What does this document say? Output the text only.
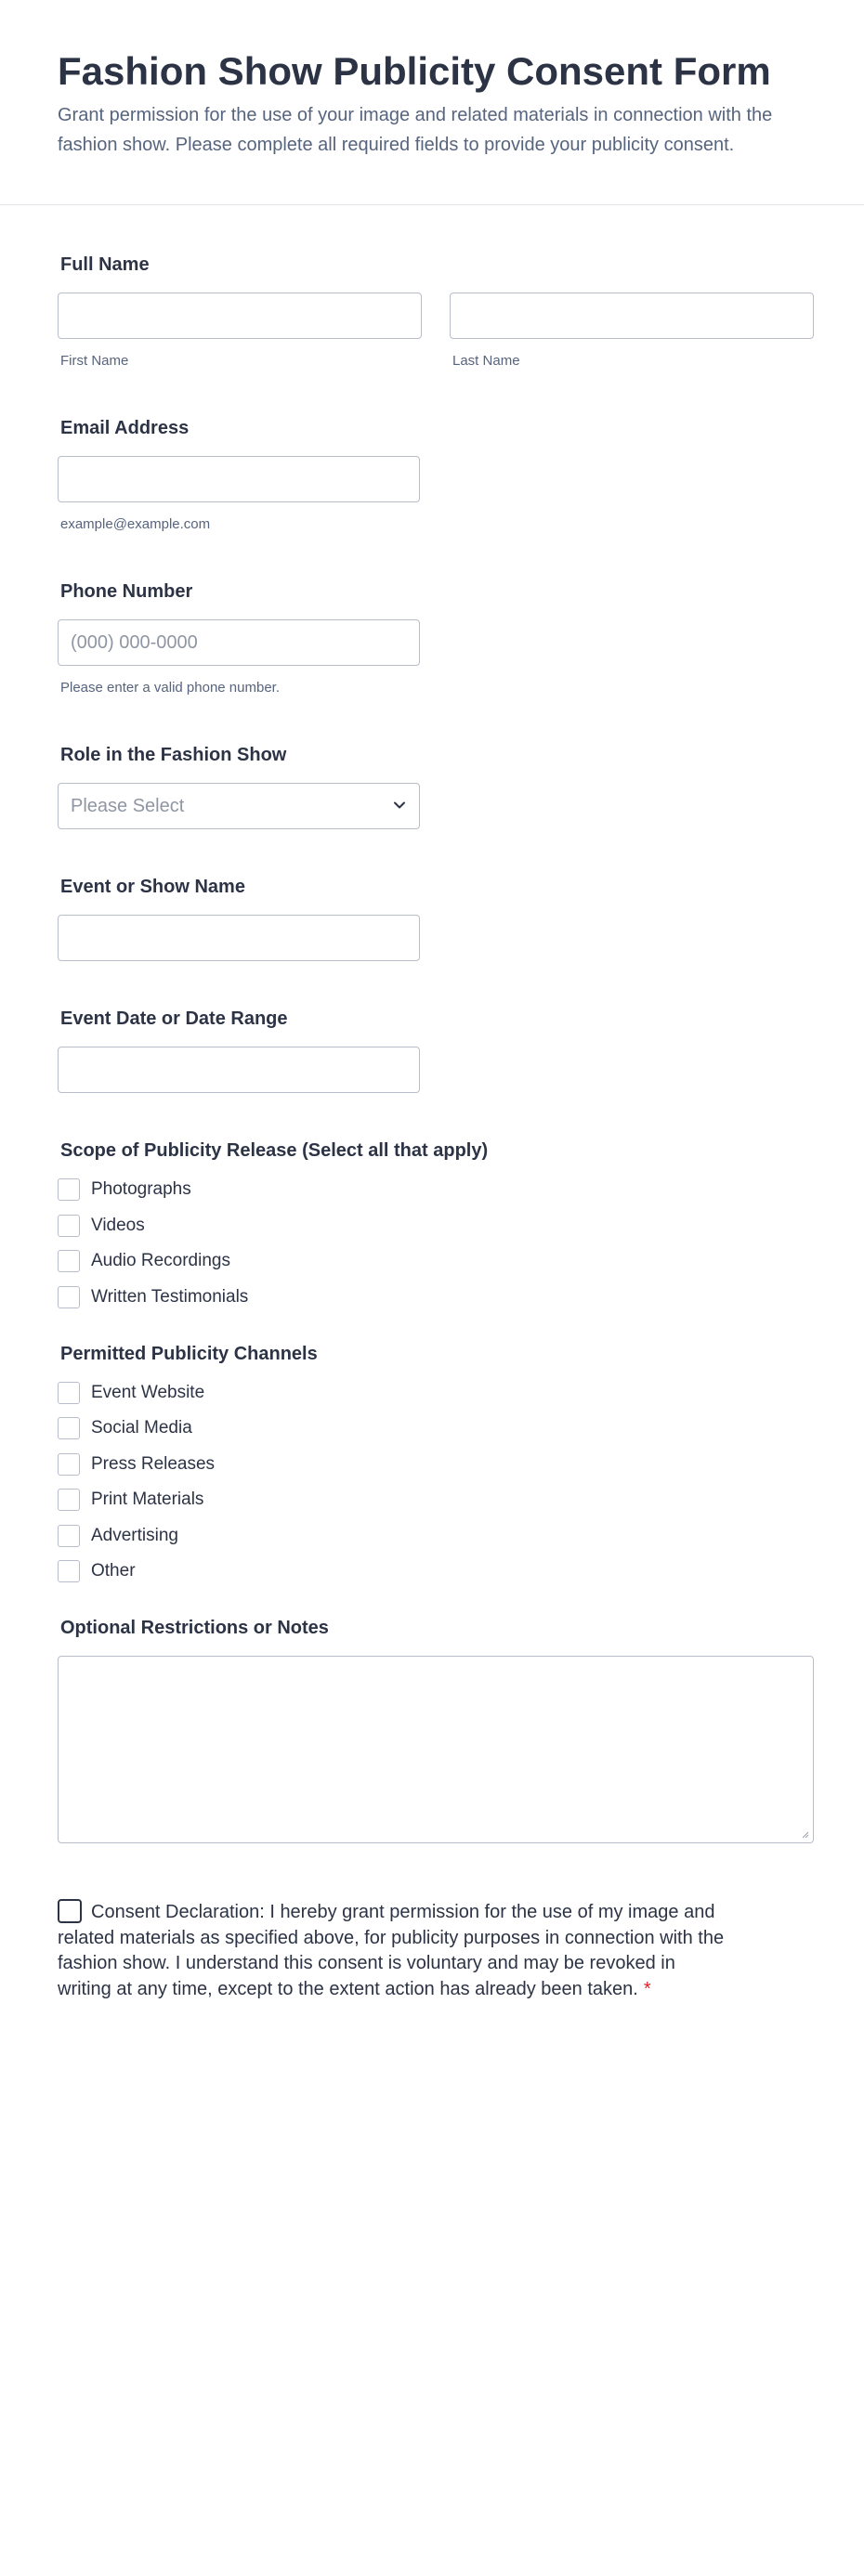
Fashion Show Publicity Consent Form

Grant permission for the use of your image and related materials in connection with the fashion show. Please complete all required fields to provide your publicity consent.

Full Name
First Name	Last Name
Email Address
example@example.com
Phone Number
(000) 000-0000
Please enter a valid phone number.
Role in the Fashion Show
Please Select
Event or Show Name
Event Date or Date Range
Scope of Publicity Release (Select all that apply)
Photographs
Videos
Audio Recordings
Written Testimonials
Permitted Publicity Channels
Event Website
Social Media
Press Releases
Print Materials
Advertising
Other
Optional Restrictions or Notes
Consent Declaration: I hereby grant permission for the use of my image and related materials as specified above, for publicity purposes in connection with the fashion show. I understand this consent is voluntary and may be revoked in writing at any time, except to the extent action has already been taken. *
